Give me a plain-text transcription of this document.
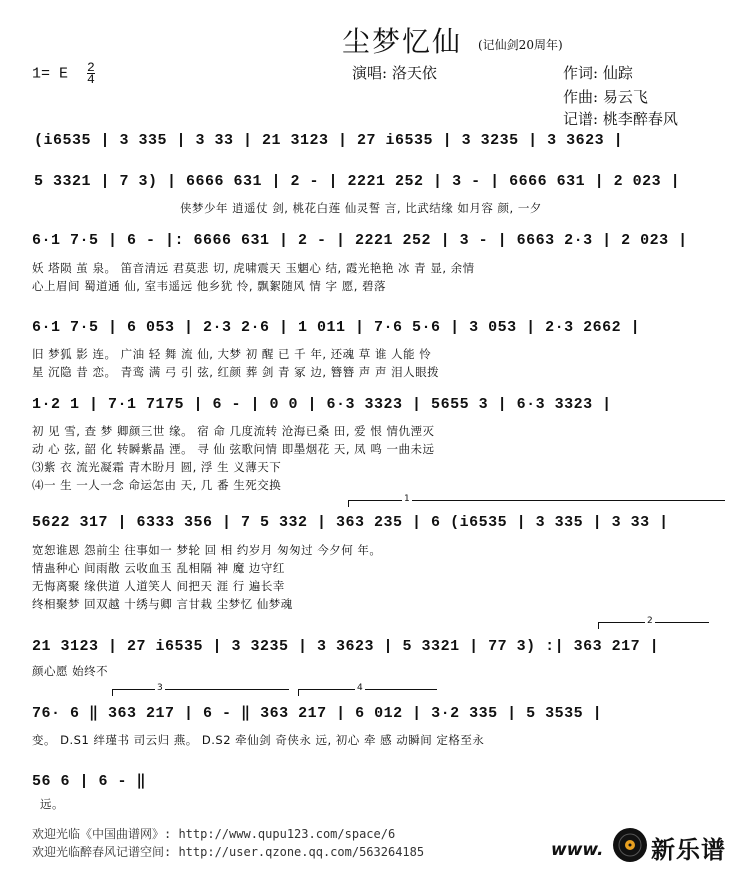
尘梦忆仙 (记仙剑20周年)
1= E $\frac{2}{4}$	演唱: 洛天依	作词: 仙踪
作曲: 易云飞
记谱: 桃李醉春风
(i6535 | 3 335 | 3 33 | 21 3123 | 27 i6535 | 3 3235 | 3 3623 |
5 3321 | 7 3) | 6666 631 | 2 - | 2221 252 | 3 - | 6666 631 | 2 023 |
侠梦少年 逍遥仗 剑, 桃花白莲 仙灵誓 言, 比武结缘 如月容 颜, 一夕
6·1 7·5 | 6 - |: 6666 631 | 2 - | 2221 252 | 3 - | 6663 2·3 | 2 023 |
妖 塔陨 茧 泉。 笛音清远 君莫悲 切, 虎啸震天 玉魍心 结, 霞光艳艳 冰 青 显, 余情
心上眉间 蜀道通 仙, 室韦遥远 他乡犹 怜, 飘絮随风 情 字 愿, 碧落
6·1 7·5 | 6 053 | 2·3 2·6 | 1 011 | 7·6 5·6 | 3 053 | 2·3 2662 |
旧 梦狐 影 连。 广油 轻 舞 流 仙, 大梦 初 醒 已 千 年, 还魂 草 谁 人能 怜
星 沉隐 昔 恋。 青鸾 满 弓 引 弦, 红颜 葬 剑 青 冢 边, 簪簪 声 声 泪人眼拨
1·2 1 | 7·1 7175 | 6 - | 0 0 | 6·3 3323 | 5655 3 | 6·3 3323 |
初 见 雪, 查 梦 卿颜三世 缘。 宿 命 几度流转 沧海已桑 田, 爱 恨 情仇湮灭
动 心 弦, 韶 化 转瞬紫晶 湮。 寻 仙 弦歌问情 即墨烟花 天, 凤 鸣 一曲未远
⑶紫 衣 流光凝霜 青木盼月 圆, 浮 生 义薄天下
⑷一 生 一人一念 命运怎由 天, 几 番 生死交换
1
5622 317 | 6333 356 | 7 5 332 | 363 235 | 6 (i6535 | 3 335 | 3 33 |
宽恕谁恩 怨前尘 往事如一 梦轮 回 相 约岁月 匆匆过 今夕何 年。
情蛊种心 间雨散 云收血玉 乱相隔 神 魔 边守红
无悔离聚 缘供道 人道笑人 间把天 涯 行 遍长幸
终相聚梦 回双越 十绣与卿 言甘栽 尘梦忆 仙梦魂
2
21 3123 | 27 i6535 | 3 3235 | 3 3623 | 5 3321 | 77 3) :| 363 217 |
颜心愿 始终不
3	4
76· 6 ‖ 363 217 | 6 - ‖ 363 217 | 6 012 | 3·2 335 | 5 3535 |
变。 D.S1 绊瑾书 司云归 燕。 D.S2 牵仙剑 奇侠永 远, 初心 牵 感 动瞬间 定格至永
56 6 | 6 - ‖
远。
欢迎光临《中国曲谱网》: http://www.qupu123.com/space/6
欢迎光临醉春风记谱空间: http://user.qzone.qq.com/563264185	www. 新乐谱
